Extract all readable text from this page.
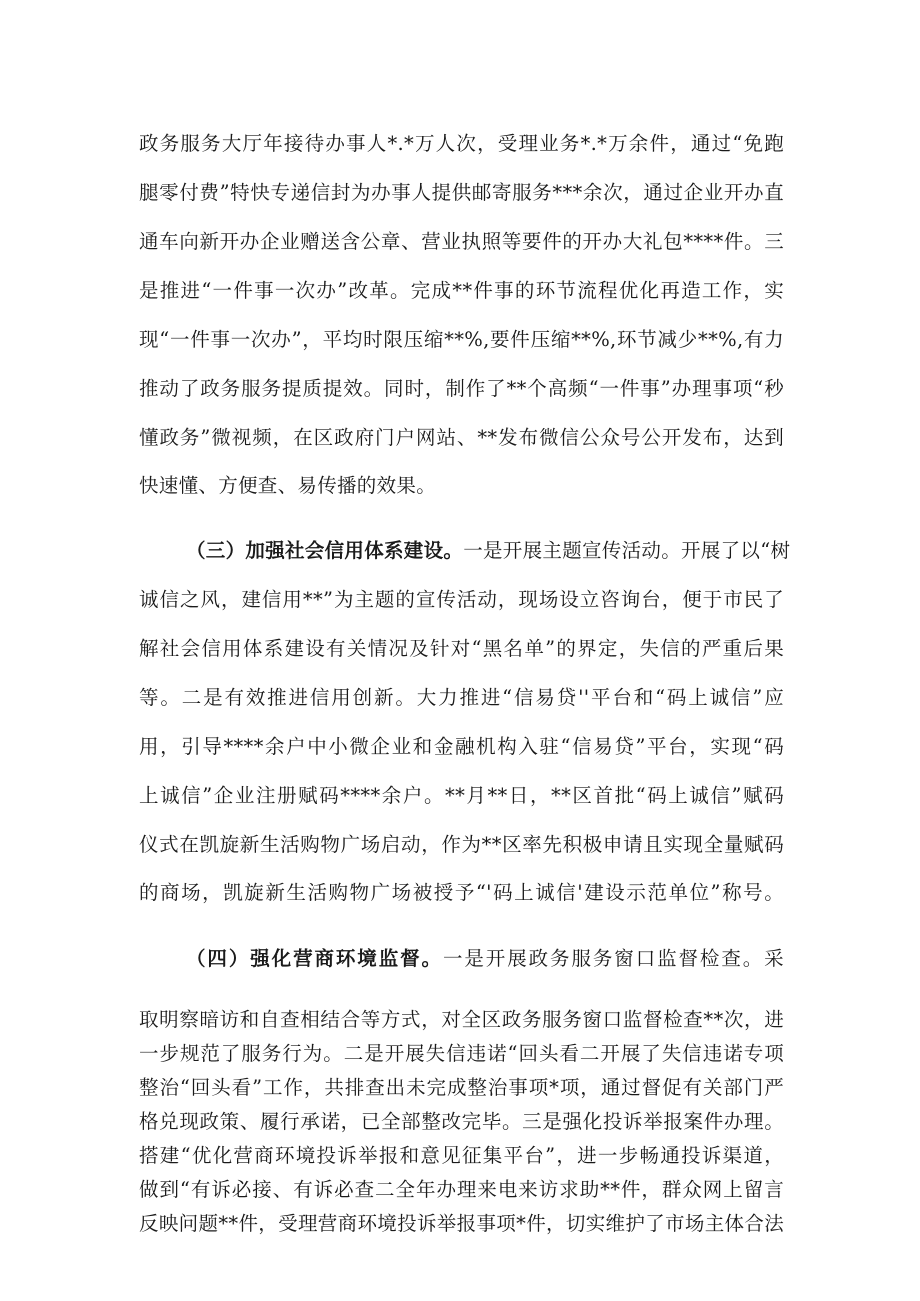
政务服务大厅年接待办事人*.*万人次，受理业务*.*万余件，通过“免跑
腿零付费”特快专递信封为办事人提供邮寄服务***余次，通过企业开办直
通车向新开办企业赠送含公章、营业执照等要件的开办大礼包****件。三
是推进“一件事一次办”改革。完成**件事的环节流程优化再造工作，实
现“一件事一次办”，平均时限压缩**%,要件压缩**%,环节减少**%,有力
推动了政务服务提质提效。同时，制作了**个高频“一件事”办理事项“秒
懂政务”微视频，在区政府门户网站、**发布微信公众号公开发布，达到
快速懂、方便查、易传播的效果。
（三）加强社会信用体系建设。一是开展主题宣传活动。开展了以“树
诚信之风，建信用**”为主题的宣传活动，现场设立咨询台，便于市民了
解社会信用体系建设有关情况及针对“黑名单”的界定，失信的严重后果
等。二是有效推进信用创新。大力推进“信易贷''平台和“码上诚信”应
用，引导****余户中小微企业和金融机构入驻“信易贷”平台，实现“码
上诚信”企业注册赋码****余户。**月**日，**区首批“码上诚信”赋码
仪式在凯旋新生活购物广场启动，作为**区率先积极申请且实现全量赋码
的商场，凯旋新生活购物广场被授予“'码上诚信'建设示范单位”称号。
（四）强化营商环境监督。一是开展政务服务窗口监督检查。采
取明察暗访和自查相结合等方式，对全区政务服务窗口监督检查**次，进
一步规范了服务行为。二是开展失信违诺“回头看二开展了失信违诺专项
整治“回头看”工作，共排查出未完成整治事项*项，通过督促有关部门严
格兑现政策、履行承诺，已全部整改完毕。三是强化投诉举报案件办理。
搭建“优化营商环境投诉举报和意见征集平台”，进一步畅通投诉渠道，
做到“有诉必接、有诉必查二全年办理来电来访求助**件，群众网上留言
反映问题**件，受理营商环境投诉举报事项*件，切实维护了市场主体合法
